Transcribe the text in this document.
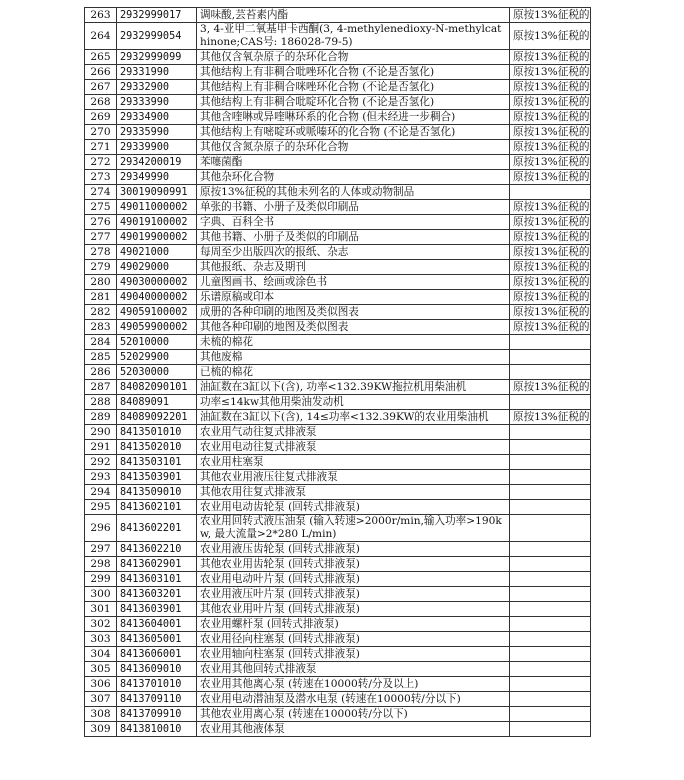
263	2932999017	调味酸,芸苔素内酯	原按13%征税的
264	2932999054	3, 4-亚甲二氧基甲卡西酮(3, 4-methylenedioxy-N-methylcathinone;CAS号: 186028-79-5)	原按13%征税的
265	2932999099	其他仅含氧杂原子的杂环化合物	原按13%征税的
266	29331990	其他结构上有非稠合吡唑环化合物 (不论是否氢化)	原按13%征税的
267	29332900	其他结构上有非稠合咪唑环化合物 (不论是否氢化)	原按13%征税的
268	29333990	其他结构上有非稠合吡啶环化合物 (不论是否氢化)	原按13%征税的
269	29334900	其他含喹啉或异喹啉环系的化合物 (但未经进一步稠合)	原按13%征税的
270	29335990	其他结构上有嘧啶环或哌嗪环的化合物 (不论是否氢化)	原按13%征税的
271	29339900	其他仅含氮杂原子的杂环化合物	原按13%征税的
272	2934200019	苯噻菌酯	原按13%征税的
273	29349990	其他杂环化合物	原按13%征税的
274	30019090991	原按13%征税的其他未列名的人体或动物制品	
275	49011000002	单张的书籍、小册子及类似印刷品	原按13%征税的
276	49019100002	字典、百科全书	原按13%征税的
277	49019900002	其他书籍、小册子及类似的印刷品	原按13%征税的
278	49021000	每周至少出版四次的报纸、杂志	原按13%征税的
279	49029000	其他报纸、杂志及期刊	原按13%征税的
280	49030000002	儿童图画书、绘画或涂色书	原按13%征税的
281	49040000002	乐谱原稿或印本	原按13%征税的
282	49059100002	成册的各种印刷的地图及类似图表	原按13%征税的
283	49059900002	其他各种印刷的地图及类似图表	原按13%征税的
284	52010000	未梳的棉花	
285	52029900	其他废棉	
286	52030000	已梳的棉花	
287	84082090101	油缸数在3缸以下(含), 功率<132.39KW拖拉机用柴油机	原按13%征税的
288	84089091	功率≤14kw其他用柴油发动机	
289	84089092201	油缸数在3缸以下(含), 14≤功率<132.39KW的农业用柴油机	原按13%征税的
290	8413501010	农业用气动往复式排液泵	
291	8413502010	农业用电动往复式排液泵	
292	8413503101	农业用柱塞泵	
293	8413503901	其他农业用液压往复式排液泵	
294	8413509010	其他农用往复式排液泵	
295	8413602101	农业用电动齿轮泵 (回转式排液泵)	
296	8413602201	农业用回转式液压油泵 (输入转速>2000r/min,输入功率>190kw, 最大流量>2*280 L/min)	
297	8413602210	农业用液压齿轮泵 (回转式排液泵)	
298	8413602901	其他农业用齿轮泵 (回转式排液泵)	
299	8413603101	农业用电动叶片泵 (回转式排液泵)	
300	8413603201	农业用液压叶片泵 (回转式排液泵)	
301	8413603901	其他农业用叶片泵 (回转式排液泵)	
302	8413604001	农业用螺杆泵 (回转式排液泵)	
303	8413605001	农业用径向柱塞泵 (回转式排液泵)	
304	8413606001	农业用轴向柱塞泵 (回转式排液泵)	
305	8413609010	农业用其他回转式排液泵	
306	8413701010	农业用其他离心泵 (转速在10000转/分及以上)	
307	8413709110	农业用电动潜油泵及潜水电泵 (转速在10000转/分以下)	
308	8413709910	其他农业用离心泵 (转速在10000转/分以下)	
309	8413810010	农业用其他液体泵	
